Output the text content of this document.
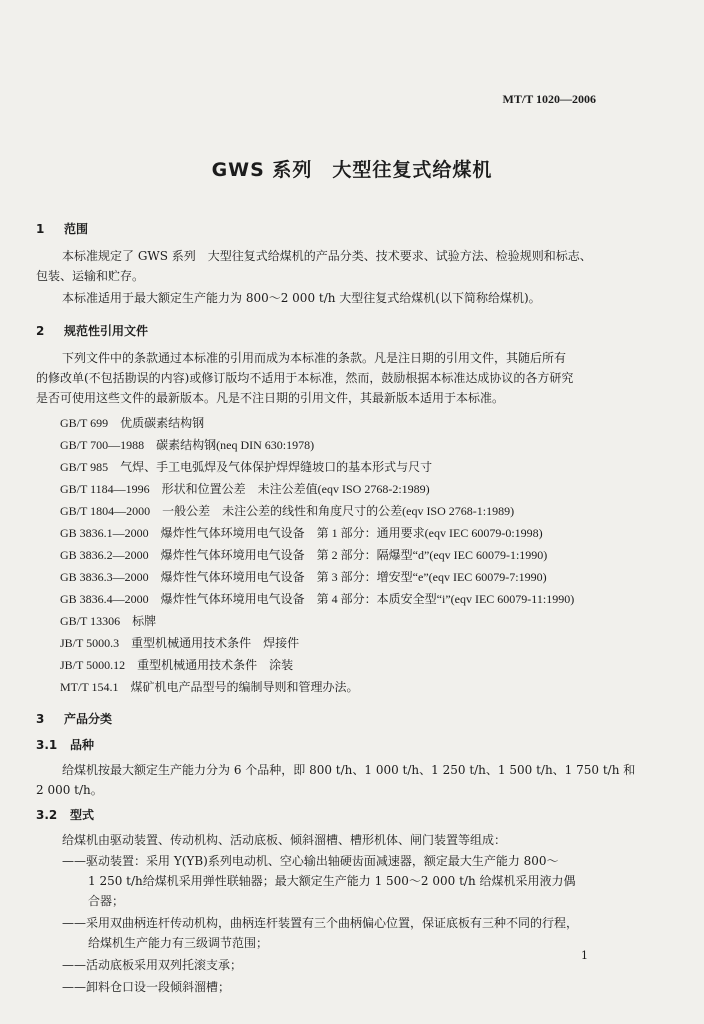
MT/T 1020—2006
GWS 系列　大型往复式给煤机
1 范围
本标准规定了 GWS 系列　大型往复式给煤机的产品分类、技术要求、试验方法、检验规则和标志、
包装、运输和贮存。
本标准适用于最大额定生产能力为 800～2 000 t/h 大型往复式给煤机(以下简称给煤机)。
2 规范性引用文件
下列文件中的条款通过本标准的引用而成为本标准的条款。凡是注日期的引用文件，其随后所有
的修改单(不包括勘误的内容)或修订版均不适用于本标准，然而，鼓励根据本标准达成协议的各方研究
是否可使用这些文件的最新版本。凡是不注日期的引用文件，其最新版本适用于本标准。
GB/T 699　优质碳素结构钢
GB/T 700—1988　碳素结构钢(neq DIN 630:1978)
GB/T 985　气焊、手工电弧焊及气体保护焊焊缝坡口的基本形式与尺寸
GB/T 1184—1996　形状和位置公差　未注公差值(eqv ISO 2768-2:1989)
GB/T 1804—2000　一般公差　未注公差的线性和角度尺寸的公差(eqv ISO 2768-1:1989)
GB 3836.1—2000　爆炸性气体环境用电气设备　第 1 部分：通用要求(eqv IEC 60079-0:1998)
GB 3836.2—2000　爆炸性气体环境用电气设备　第 2 部分：隔爆型“d”(eqv IEC 60079-1:1990)
GB 3836.3—2000　爆炸性气体环境用电气设备　第 3 部分：增安型“e”(eqv IEC 60079-7:1990)
GB 3836.4—2000　爆炸性气体环境用电气设备　第 4 部分：本质安全型“i”(eqv IEC 60079-11:1990)
GB/T 13306　标牌
JB/T 5000.3　重型机械通用技术条件　焊接件
JB/T 5000.12　重型机械通用技术条件　涂装
MT/T 154.1　煤矿机电产品型号的编制导则和管理办法。
3 产品分类
3.1 品种
给煤机按最大额定生产能力分为 6 个品种，即 800 t/h、1 000 t/h、1 250 t/h、1 500 t/h、1 750 t/h 和
2 000 t/h。
3.2 型式
给煤机由驱动装置、传动机构、活动底板、倾斜溜槽、槽形机体、闸门装置等组成：
——驱动装置：采用 Y(YB)系列电动机、空心输出轴硬齿面减速器，额定最大生产能力 800～
1 250 t/h给煤机采用弹性联轴器；最大额定生产能力 1 500～2 000 t/h 给煤机采用液力偶
合器；
——采用双曲柄连杆传动机构，曲柄连杆装置有三个曲柄偏心位置，保证底板有三种不同的行程，
给煤机生产能力有三级调节范围；
——活动底板采用双列托滚支承；
——卸料仓口设一段倾斜溜槽；
1
